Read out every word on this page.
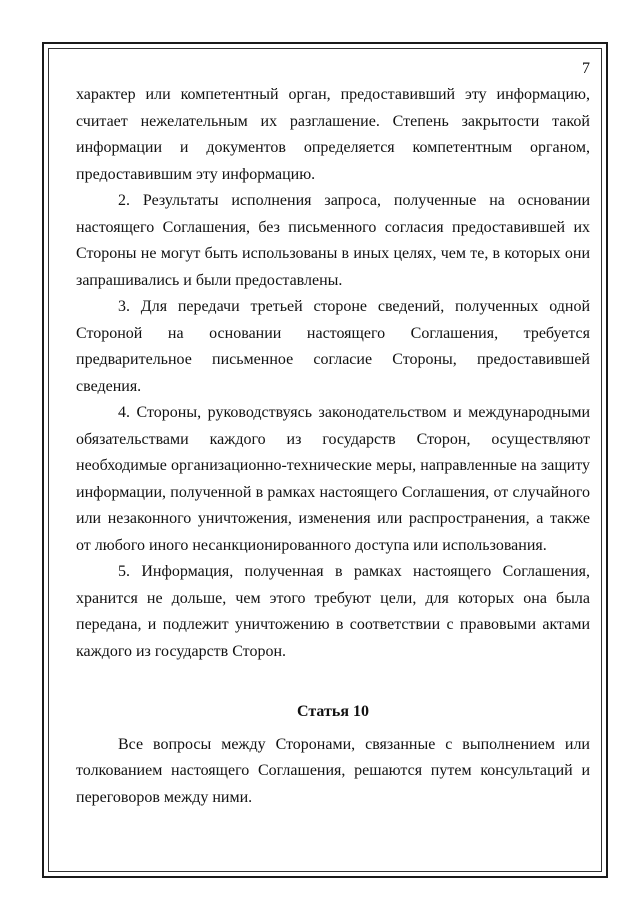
7

характер или компетентный орган, предоставивший эту информацию, считает нежелательным их разглашение. Степень закрытости такой информации и документов определяется компетентным органом, предоставившим эту информацию.

2. Результаты исполнения запроса, полученные на основании настоящего Соглашения, без письменного согласия предоставившей их Стороны не могут быть использованы в иных целях, чем те, в которых они запрашивались и были предоставлены.

3. Для передачи третьей стороне сведений, полученных одной Стороной на основании настоящего Соглашения, требуется предварительное письменное согласие Стороны, предоставившей сведения.

4. Стороны, руководствуясь законодательством и международными обязательствами каждого из государств Сторон, осуществляют необходимые организационно-технические меры, направленные на защиту информации, полученной в рамках настоящего Соглашения, от случайного или незаконного уничтожения, изменения или распространения, а также от любого иного несанкционированного доступа или использования.

5. Информация, полученная в рамках настоящего Соглашения, хранится не дольше, чем этого требуют цели, для которых она была передана, и подлежит уничтожению в соответствии с правовыми актами каждого из государств Сторон.

Статья 10

Все вопросы между Сторонами, связанные с выполнением или толкованием настоящего Соглашения, решаются путем консультаций и переговоров между ними.
